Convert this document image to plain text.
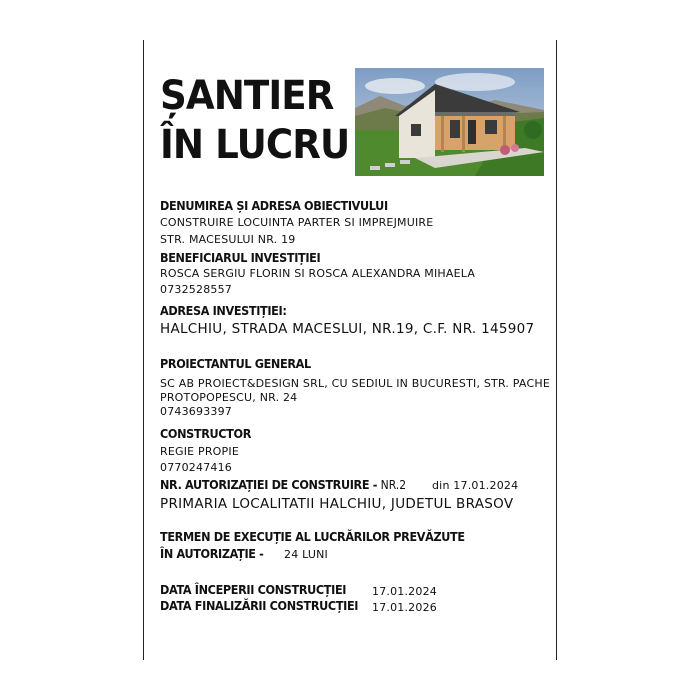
ȘANTIER
ÎN LUCRU
DENUMIREA ȘI ADRESA OBIECTIVULUI
CONSTRUIRE LOCUINTA PARTER SI IMPREJMUIRE
STR. MACESULUI NR. 19
BENEFICIARUL INVESTIȚIEI
ROSCA SERGIU FLORIN SI ROSCA ALEXANDRA MIHAELA
0732528557
ADRESA INVESTIȚIEI:
HALCHIU, STRADA MACESLUI, NR.19, C.F. NR. 145907
PROIECTANTUL GENERAL
SC AB PROIECT&DESIGN SRL, CU SEDIUL IN BUCURESTI, STR. PACHE
PROTOPOPESCU, NR. 24
0743693397
CONSTRUCTOR
REGIE PROPIE
0770247416
NR. AUTORIZAȚIEI DE CONSTRUIRE - NR.2 din 17.01.2024
PRIMARIA LOCALITATII HALCHIU, JUDETUL BRASOV
TERMEN DE EXECUȚIE AL LUCRĂRILOR PREVĂZUTE
ÎN AUTORIZAȚIE - 24 LUNI
DATA ÎNCEPERII CONSTRUCȚIEI 17.01.2024
DATA FINALIZĂRII CONSTRUCȚIEI 17.01.2026
